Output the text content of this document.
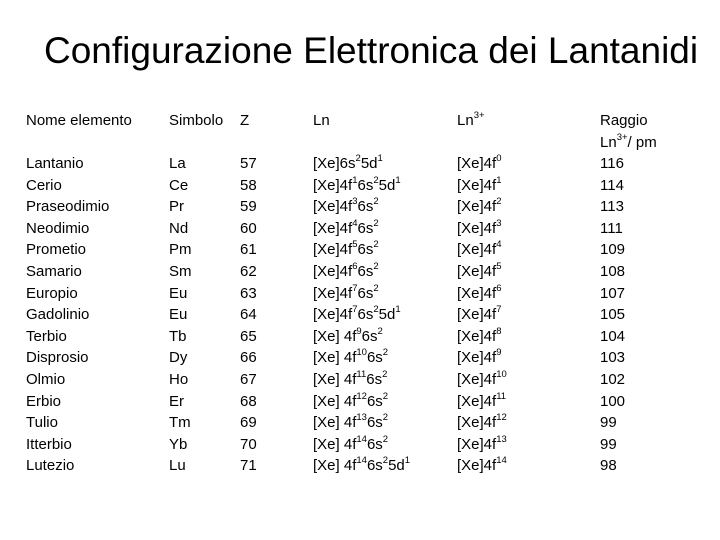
Configurazione Elettronica dei Lantanidi
Nome elemento
Lantanio
Cerio
Praseodimio
Neodimio
Prometio
Samario
Europio
Gadolinio
Terbio
Disprosio
Olmio
Erbio
Tulio
Itterbio
Lutezio
Simbolo
La
Ce
Pr
Nd
Pm
Sm
Eu
Eu
Tb
Dy
Ho
Er
Tm
Yb
Lu
Z
57
58
59
60
61
62
63
64
65
66
67
68
69
70
71
Ln
$[Xe]6s^25d^1$
$[Xe]4f^16s^25d^1$
$[Xe]4f^36s^2$
$[Xe]4f^46s^2$
$[Xe]4f^56s^2$
$[Xe]4f^66s^2$
$[Xe]4f^76s^2$
$[Xe]4f^76s^25d^1$
[Xe] $4f^96s^2$
[Xe] $4f^{10}6s^2$
[Xe] $4f^{11}6s^2$
[Xe] $4f^{12}6s^2$
[Xe] $4f^{13}6s^2$
[Xe] $4f^{14}6s^2$
[Xe] $4f^{14}6s^25d^1$
$Ln^{3+}$
$[Xe]4f^0$
$[Xe]4f^1$
$[Xe]4f^2$
$[Xe]4f^3$
$[Xe]4f^4$
$[Xe]4f^5$
$[Xe]4f^6$
$[Xe]4f^7$
$[Xe]4f^8$
$[Xe]4f^9$
$[Xe]4f^{10}$
$[Xe]4f^{11}$
$[Xe]4f^{12}$
$[Xe]4f^{13}$
$[Xe]4f^{14}$
Raggio
$Ln^{3+}/$ pm
116
114
113
111
109
108
107
105
104
103
102
100
99
99
98
